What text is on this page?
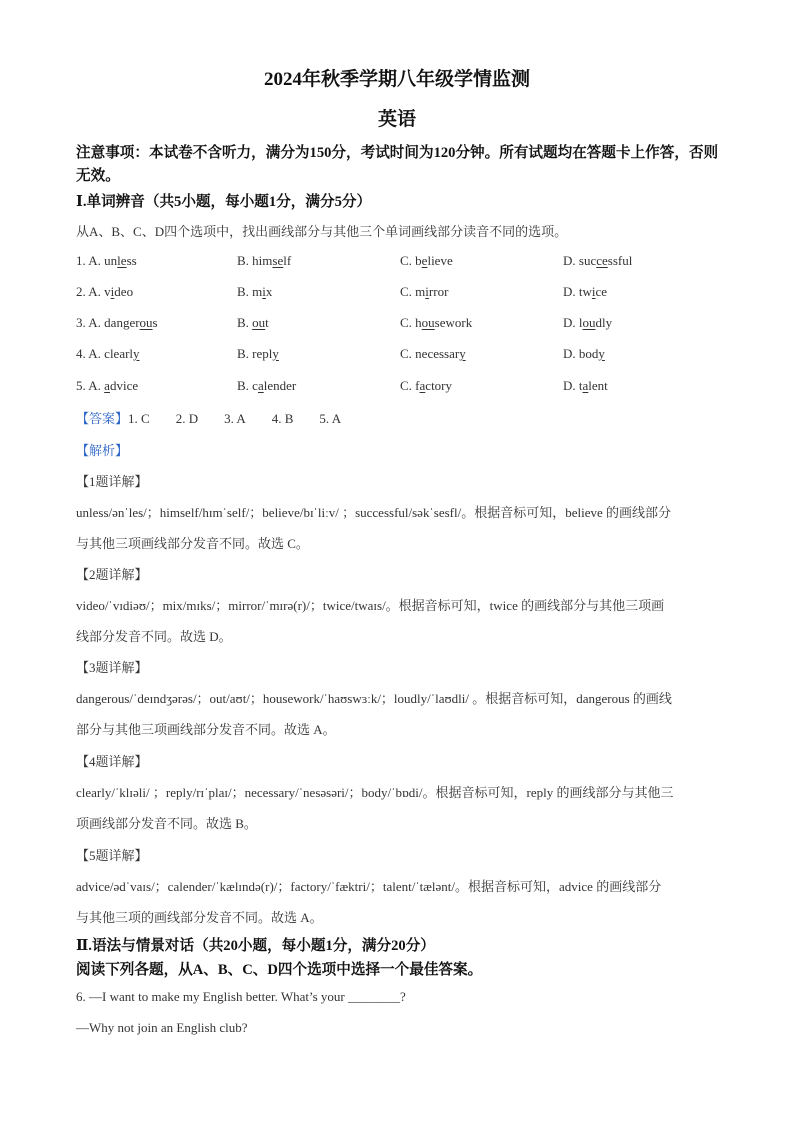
2024年秋季学期八年级学情监测
英语
注意事项：本试卷不含听力，满分为150分，考试时间为120分钟。所有试题均在答题卡上作答，否则无效。
Ⅰ.单词辨音（共5小题，每小题1分，满分5分）
从A、B、C、D四个选项中，找出画线部分与其他三个单词画线部分读音不同的选项。
1. A. unless	B. himself	C. believe	D. successful
2. A. video	B. mix	C. mirror	D. twice
3. A. dangerous	B. out	C. housework	D. loudly
4. A. clearly	B. reply	C. necessary	D. body
5. A. advice	B. calender	C. factory	D. talent
【答案】1. C 2. D 3. A 4. B 5. A
【解析】
【1题详解】
unless/ənˈles/；himself/hɪmˈself/；believe/bɪˈliːv/ ；successful/səkˈsesfl/。根据音标可知，believe 的画线部分
与其他三项画线部分发音不同。故选 C。
【2题详解】
video/ˈvɪdiəʊ/；mix/mɪks/；mirror/ˈmɪrə(r)/；twice/twaɪs/。根据音标可知，twice 的画线部分与其他三项画
线部分发音不同。故选 D。
【3题详解】
dangerous/ˈdeɪndʒərəs/；out/aʊt/；housework/ˈhaʊswɜːk/；loudly/ˈlaʊdli/ 。根据音标可知，dangerous 的画线
部分与其他三项画线部分发音不同。故选 A。
【4题详解】
clearly/ˈklɪəli/ ；reply/rɪˈplaɪ/；necessary/ˈnesəsəri/；body/ˈbɒdi/。根据音标可知，reply 的画线部分与其他三
项画线部分发音不同。故选 B。
【5题详解】
advice/ədˈvaɪs/；calender/ˈkælɪndə(r)/；factory/ˈfæktri/；talent/ˈtælənt/。根据音标可知，advice 的画线部分
与其他三项的画线部分发音不同。故选 A。
Ⅱ.语法与情景对话（共20小题，每小题1分，满分20分）
阅读下列各题，从A、B、C、D四个选项中选择一个最佳答案。
6. —I want to make my English better. What’s your ________?
—Why not join an English club?
